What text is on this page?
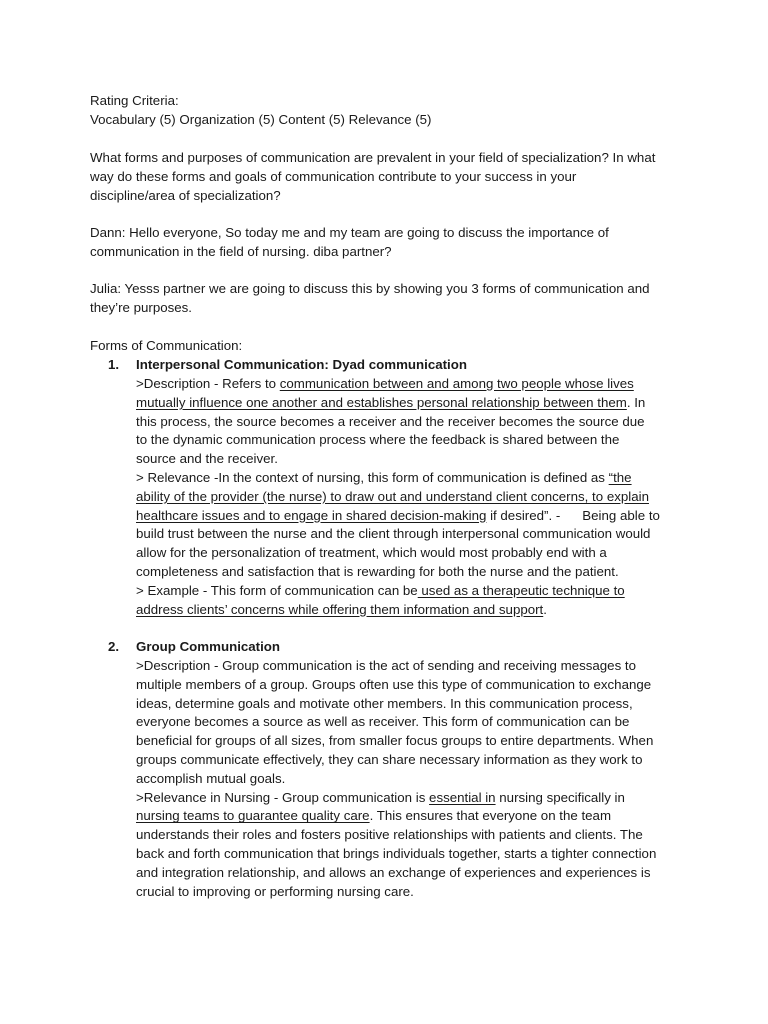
Rating Criteria:
Vocabulary (5) Organization (5) Content (5) Relevance (5)
What forms and purposes of communication are prevalent in your field of specialization? In what
way do these forms and goals of communication contribute to your success in your
discipline/area of specialization?
Dann: Hello everyone, So today me and my team are going to discuss the importance of
communication in the field of nursing. diba partner?
Julia: Yesss partner we are going to discuss this by showing you 3 forms of communication and
they’re purposes.
Forms of Communication:
1. Interpersonal Communication: Dyad communication
>Description - Refers to communication between and among two people whose lives
mutually influence one another and establishes personal relationship between them. In
this process, the source becomes a receiver and the receiver becomes the source due
to the dynamic communication process where the feedback is shared between the
source and the receiver.
> Relevance -In the context of nursing, this form of communication is defined as “the
ability of the provider (the nurse) to draw out and understand client concerns, to explain
healthcare issues and to engage in shared decision-making if desired”. - Being able to
build trust between the nurse and the client through interpersonal communication would
allow for the personalization of treatment, which would most probably end with a
completeness and satisfaction that is rewarding for both the nurse and the patient.
> Example - This form of communication can be used as a therapeutic technique to
address clients’ concerns while offering them information and support.
2. Group Communication
>Description - Group communication is the act of sending and receiving messages to
multiple members of a group. Groups often use this type of communication to exchange
ideas, determine goals and motivate other members. In this communication process,
everyone becomes a source as well as receiver. This form of communication can be
beneficial for groups of all sizes, from smaller focus groups to entire departments. When
groups communicate effectively, they can share necessary information as they work to
accomplish mutual goals.
>Relevance in Nursing - Group communication is essential in nursing specifically in
nursing teams to guarantee quality care. This ensures that everyone on the team
understands their roles and fosters positive relationships with patients and clients. The
back and forth communication that brings individuals together, starts a tighter connection
and integration relationship, and allows an exchange of experiences and experiences is
crucial to improving or performing nursing care.
